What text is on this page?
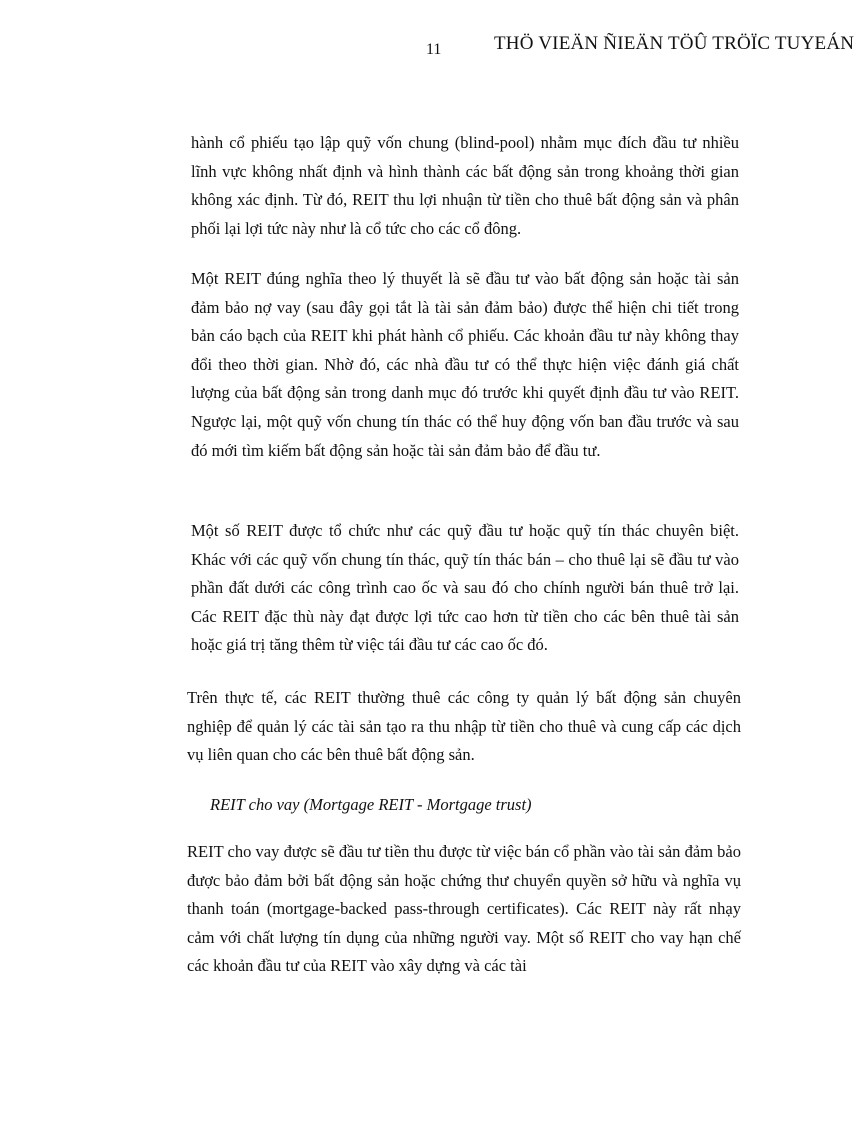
11	THÖ VIEÄN ÑIEÄN TÖÛ TRÖÏC TUYEÁN

hành cổ phiếu tạo lập quỹ vốn chung (blind-pool) nhằm mục đích đầu tư nhiều lĩnh vực không nhất định và hình thành các bất động sản trong khoảng thời gian không xác định. Từ đó, REIT thu lợi nhuận từ tiền cho thuê bất động sản và phân phối lại lợi tức này như là cổ tức cho các cổ đông.

Một REIT đúng nghĩa theo lý thuyết là sẽ đầu tư vào bất động sản hoặc tài sản đảm bảo nợ vay (sau đây gọi tắt là tài sản đảm bảo) được thể hiện chi tiết trong bản cáo bạch của REIT khi phát hành cổ phiếu. Các khoản đầu tư này không thay đổi theo thời gian. Nhờ đó, các nhà đầu tư có thể thực hiện việc đánh giá chất lượng của bất động sản trong danh mục đó trước khi quyết định đầu tư vào REIT. Ngược lại, một quỹ vốn chung tín thác có thể huy động vốn ban đầu trước và sau đó mới tìm kiếm bất động sản hoặc tài sản đảm bảo để đầu tư.

Một số REIT được tổ chức như các quỹ đầu tư hoặc quỹ tín thác chuyên biệt. Khác với các quỹ vốn chung tín thác, quỹ tín thác bán – cho thuê lại sẽ đầu tư vào phần đất dưới các công trình cao ốc và sau đó cho chính người bán thuê trở lại. Các REIT đặc thù này đạt được lợi tức cao hơn từ tiền cho các bên thuê tài sản hoặc giá trị tăng thêm từ việc tái đầu tư các cao ốc đó.

Trên thực tế, các REIT thường thuê các công ty quản lý bất động sản chuyên nghiệp để quản lý các tài sản tạo ra thu nhập từ tiền cho thuê và cung cấp các dịch vụ liên quan cho các bên thuê bất động sản.

REIT cho vay (Mortgage REIT - Mortgage trust)

REIT cho vay được sẽ đầu tư tiền thu được từ việc bán cổ phần vào tài sản đảm bảo được bảo đảm bởi bất động sản hoặc chứng thư chuyển quyền sở hữu và nghĩa vụ thanh toán (mortgage-backed pass-through certificates). Các REIT này rất nhạy cảm với chất lượng tín dụng của những người vay. Một số REIT cho vay hạn chế các khoản đầu tư của REIT vào xây dựng và các tài
